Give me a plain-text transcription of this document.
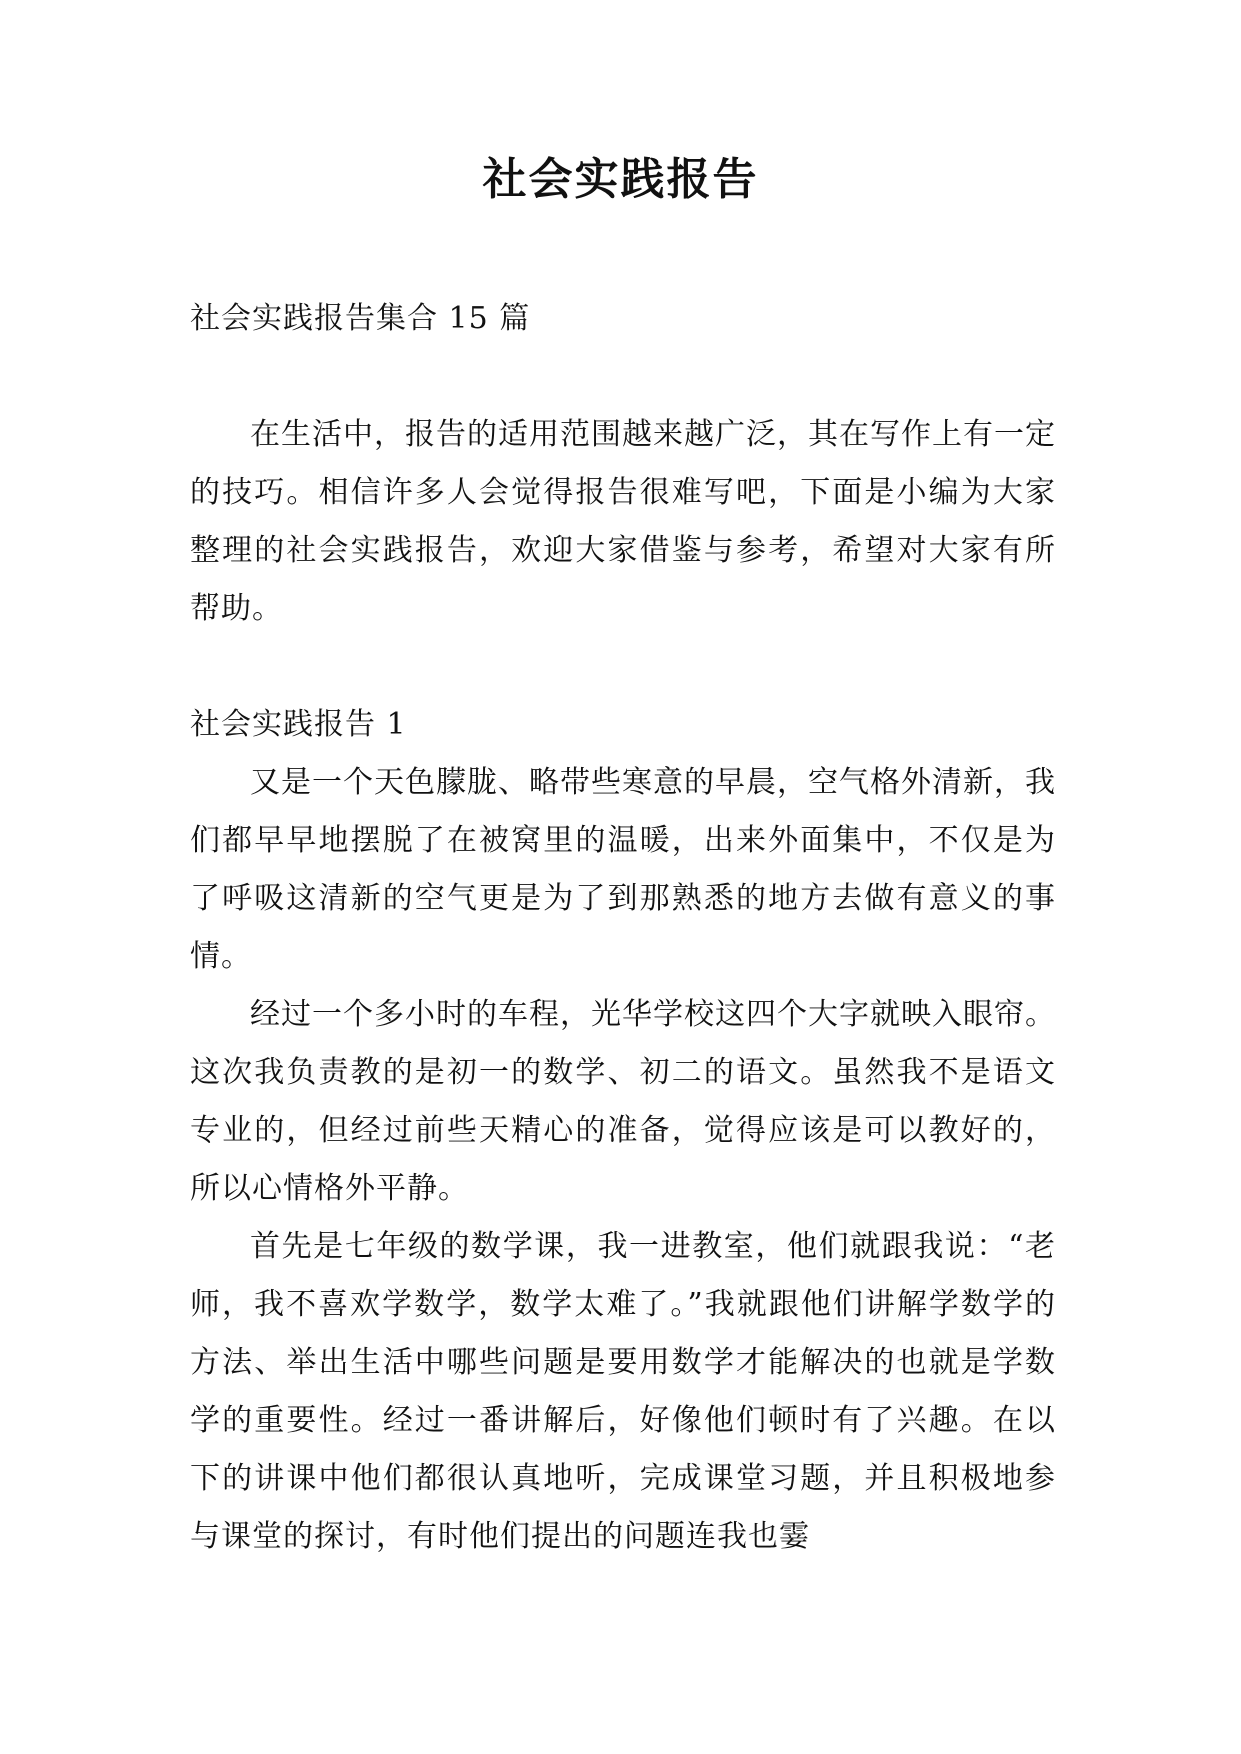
社会实践报告

社会实践报告集合 15 篇

在生活中，报告的适用范围越来越广泛，其在写作上有一定的技巧。相信许多人会觉得报告很难写吧，下面是小编为大家整理的社会实践报告，欢迎大家借鉴与参考，希望对大家有所帮助。

社会实践报告 1

又是一个天色朦胧、略带些寒意的早晨，空气格外清新，我们都早早地摆脱了在被窝里的温暖，出来外面集中，不仅是为了呼吸这清新的空气更是为了到那熟悉的地方去做有意义的事情。

经过一个多小时的车程，光华学校这四个大字就映入眼帘。这次我负责教的是初一的数学、初二的语文。虽然我不是语文专业的，但经过前些天精心的准备，觉得应该是可以教好的，所以心情格外平静。

首先是七年级的数学课，我一进教室，他们就跟我说：“老师，我不喜欢学数学，数学太难了。”我就跟他们讲解学数学的方法、举出生活中哪些问题是要用数学才能解决的也就是学数学的重要性。经过一番讲解后，好像他们顿时有了兴趣。在以下的讲课中他们都很认真地听，完成课堂习题，并且积极地参与课堂的探讨，有时他们提出的问题连我也霎
